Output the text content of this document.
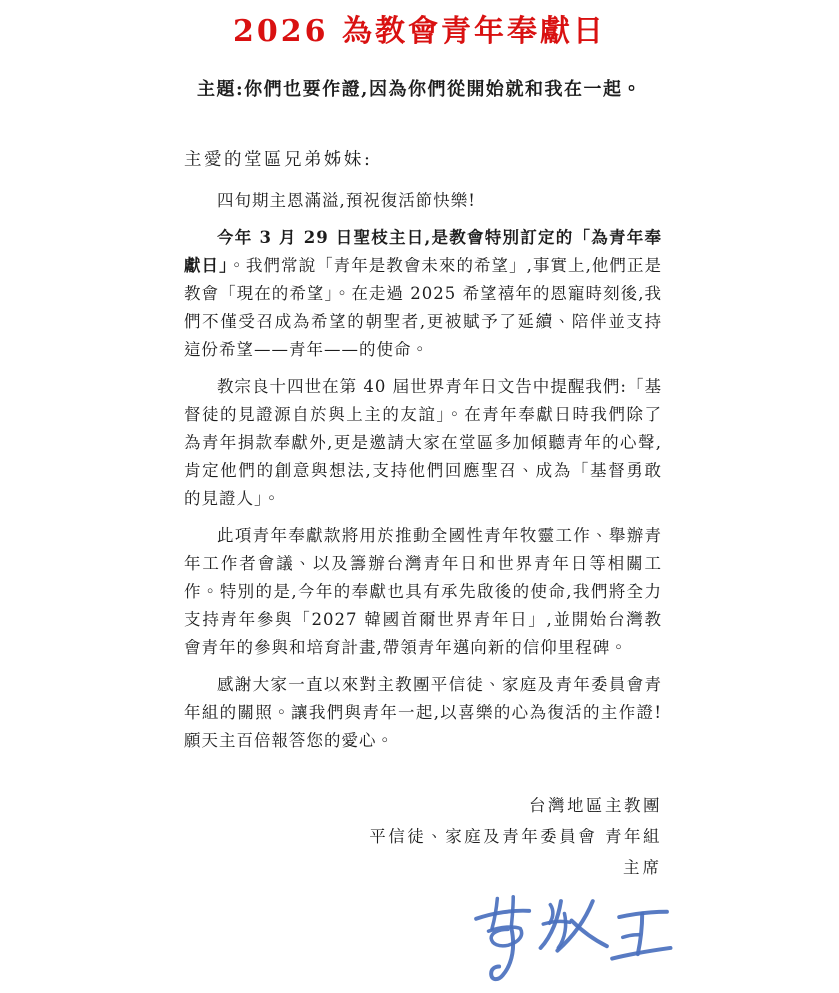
2026 為教會青年奉獻日
主題:你們也要作證,因為你們從開始就和我在一起。
主愛的堂區兄弟姊妹:

四旬期主恩滿溢,預祝復活節快樂!

今年 3 月 29 日聖枝主日,是教會特別訂定的「為青年奉獻日」。我們常說「青年是教會未來的希望」,事實上,他們正是教會「現在的希望」。在走過 2025 希望禧年的恩寵時刻後,我們不僅受召成為希望的朝聖者,更被賦予了延續、陪伴並支持這份希望——青年——的使命。

教宗良十四世在第 40 屆世界青年日文告中提醒我們:「基督徒的見證源自於與上主的友誼」。在青年奉獻日時我們除了為青年捐款奉獻外,更是邀請大家在堂區多加傾聽青年的心聲,肯定他們的創意與想法,支持他們回應聖召、成為「基督勇敢的見證人」。

此項青年奉獻款將用於推動全國性青年牧靈工作、舉辦青年工作者會議、以及籌辦台灣青年日和世界青年日等相關工作。特別的是,今年的奉獻也具有承先啟後的使命,我們將全力支持青年參與「2027 韓國首爾世界青年日」,並開始台灣教會青年的參與和培育計畫,帶領青年邁向新的信仰里程碑。

感謝大家一直以來對主教團平信徒、家庭及青年委員會青年組的關照。讓我們與青年一起,以喜樂的心為復活的主作證!願天主百倍報答您的愛心。

台灣地區主教團
平信徒、家庭及青年委員會 青年組
主席
